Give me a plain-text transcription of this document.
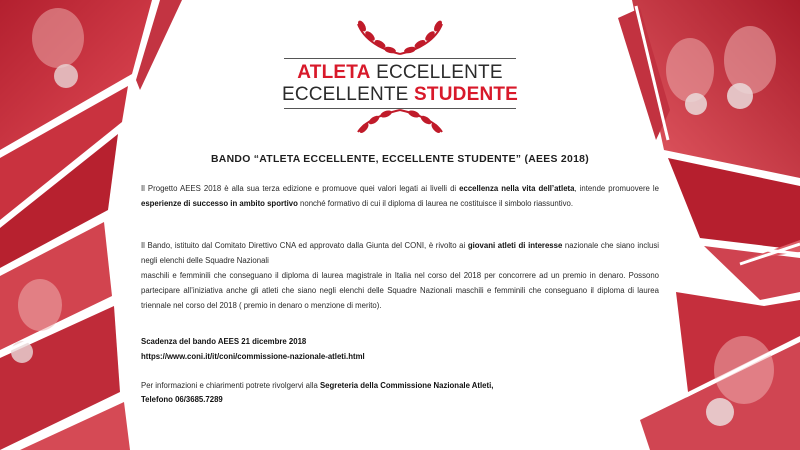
ATLETA ECCELLENTE
ECCELLENTE STUDENTE
BANDO “ATLETA ECCELLENTE, ECCELLENTE STUDENTE” (AEES 2018)
Il Progetto AEES 2018 è alla sua terza edizione e promuove quei valori legati ai livelli di eccellenza nella vita dell’atleta, intende promuovere le esperienze di successo in ambito sportivo nonché formativo di cui il diploma di laurea ne costituisce il simbolo riassuntivo.
Il Bando, istituito dal Comitato Direttivo CNA ed approvato dalla Giunta del CONI, è rivolto ai giovani atleti di interesse nazionale che siano inclusi negli elenchi delle Squadre Nazionali
maschili e femminili che conseguano il diploma di laurea magistrale in Italia nel corso del 2018 per concorrere ad un premio in denaro. Possono partecipare all’iniziativa anche gli atleti che siano negli elenchi delle Squadre Nazionali maschili e femminili che conseguano il diploma di laurea triennale nel corso del 2018 ( premio in denaro o menzione di merito).
Scadenza del bando AEES 21 dicembre 2018
https://www.coni.it/it/coni/commissione-nazionale-atleti.html
Per informazioni e chiarimenti potrete rivolgervi alla Segreteria della Commissione Nazionale Atleti,
Telefono 06/3685.7289
